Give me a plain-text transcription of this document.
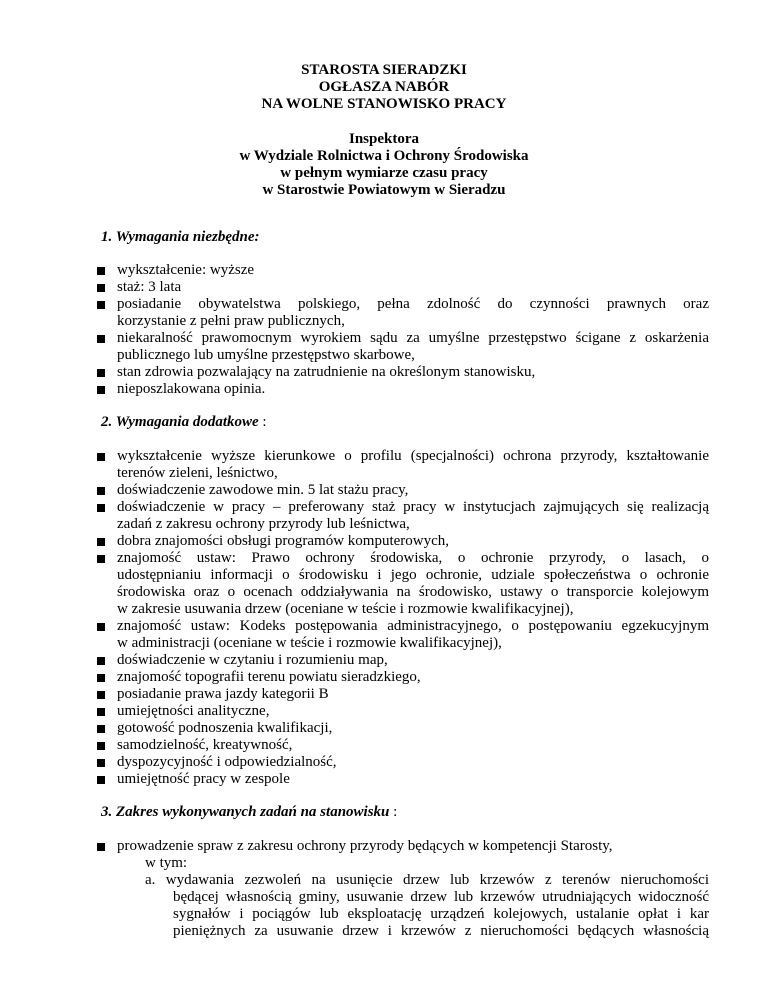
STAROSTA SIERADZKI
OGŁASZA NABÓR
NA WOLNE STANOWISKO PRACY
Inspektora
w Wydziale Rolnictwa i Ochrony Środowiska
w pełnym wymiarze czasu pracy
w Starostwie Powiatowym w Sieradzu
1. Wymagania niezbędne:
wykształcenie: wyższe
staż: 3 lata
posiadanie obywatelstwa polskiego, pełna zdolność do czynności prawnych oraz
korzystanie z pełni praw publicznych,
niekaralność prawomocnym wyrokiem sądu za umyślne przestępstwo ścigane z oskarżenia
publicznego lub umyślne przestępstwo skarbowe,
stan zdrowia pozwalający na zatrudnienie na określonym stanowisku,
nieposzlakowana opinia.
2. Wymagania dodatkowe :
wykształcenie wyższe kierunkowe o profilu (specjalności) ochrona przyrody, kształtowanie
terenów zieleni, leśnictwo,
doświadczenie zawodowe min. 5 lat stażu pracy,
doświadczenie w pracy – preferowany staż pracy w instytucjach zajmujących się realizacją
zadań z zakresu ochrony przyrody lub leśnictwa,
dobra znajomości obsługi programów komputerowych,
znajomość ustaw: Prawo ochrony środowiska, o ochronie przyrody, o lasach, o
udostępnianiu informacji o środowisku i jego ochronie, udziale społeczeństwa o ochronie
środowiska oraz o ocenach oddziaływania na środowisko, ustawy o transporcie kolejowym
w zakresie usuwania drzew (oceniane w teście i rozmowie kwalifikacyjnej),
znajomość ustaw: Kodeks postępowania administracyjnego, o postępowaniu egzekucyjnym
w administracji (oceniane w teście i rozmowie kwalifikacyjnej),
doświadczenie w czytaniu i rozumieniu map,
znajomość topografii terenu powiatu sieradzkiego,
posiadanie prawa jazdy kategorii B
umiejętności analityczne,
gotowość podnoszenia kwalifikacji,
samodzielność, kreatywność,
dyspozycyjność i odpowiedzialność,
umiejętność pracy w zespole
3. Zakres wykonywanych zadań na stanowisku :
prowadzenie spraw z zakresu ochrony przyrody będących w kompetencji Starosty,
w tym:
a. wydawania zezwoleń na usunięcie drzew lub krzewów z terenów nieruchomości
będącej własnością gminy, usuwanie drzew lub krzewów utrudniających widoczność
sygnałów i pociągów lub eksploatację urządzeń kolejowych, ustalanie opłat i kar
pieniężnych za usuwanie drzew i krzewów z nieruchomości będących własnością
